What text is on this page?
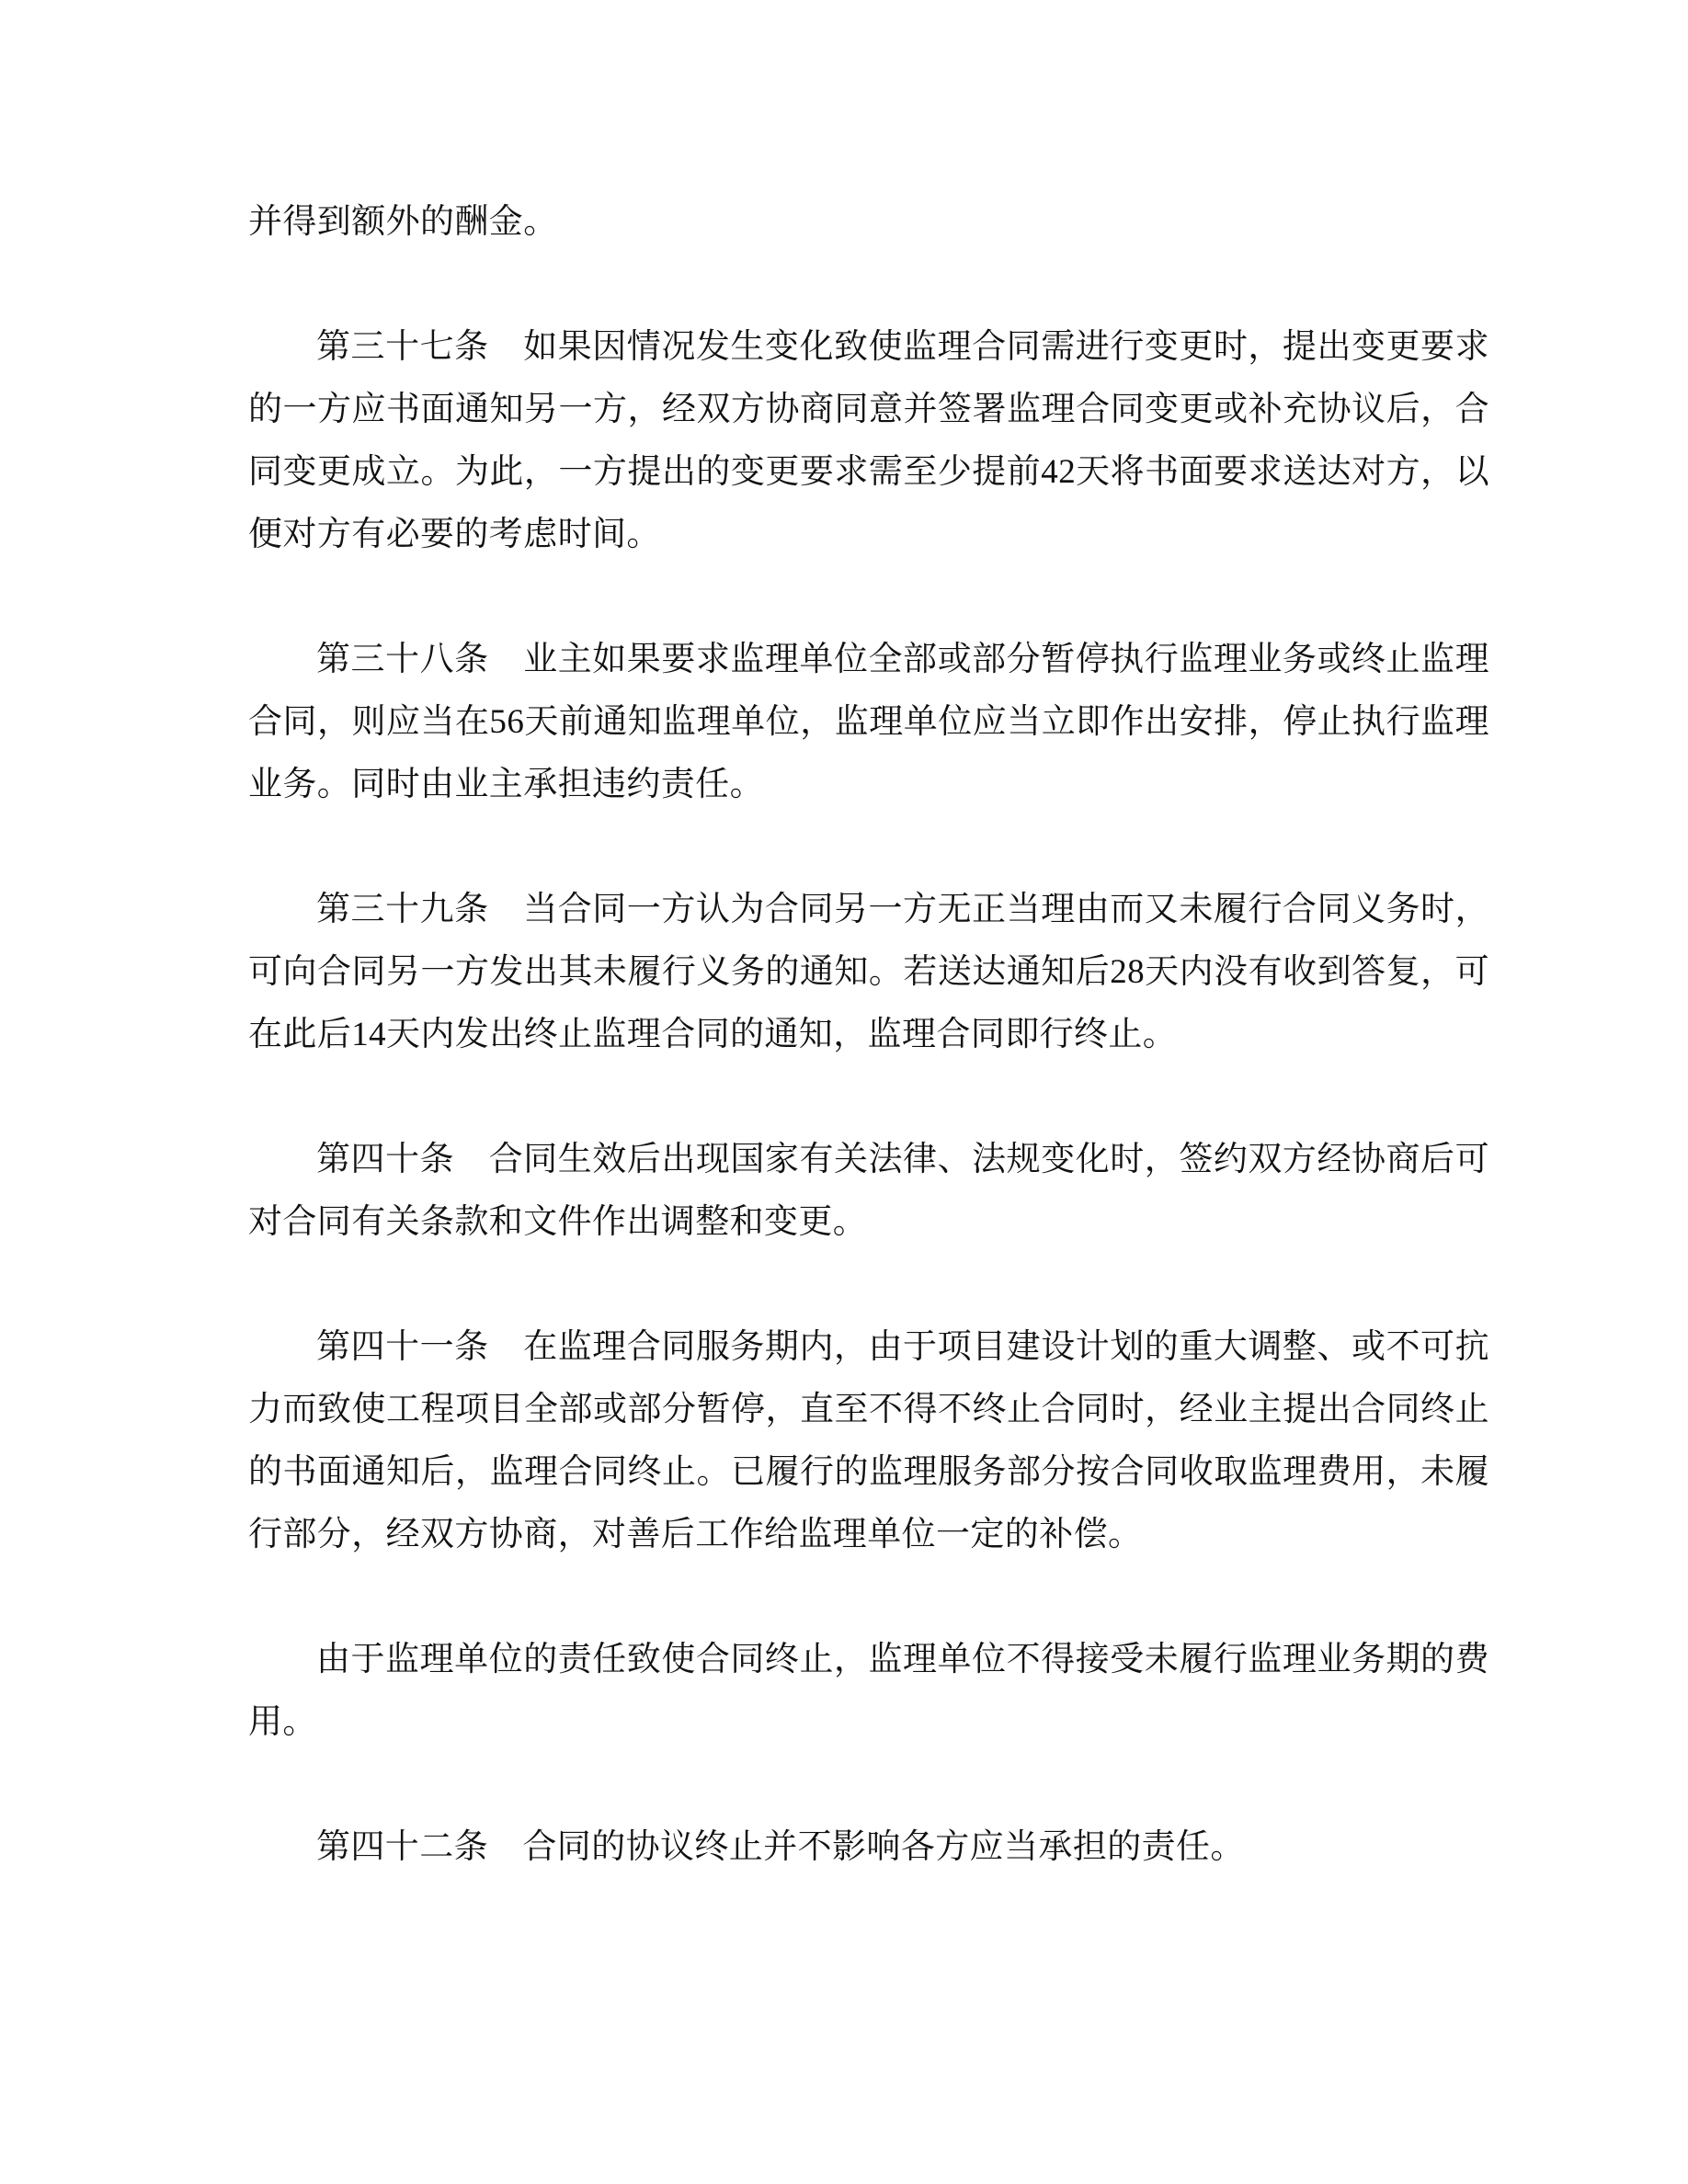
并得到额外的酬金。

第三十七条　如果因情况发生变化致使监理合同需进行变更时，提出变更要求的一方应书面通知另一方，经双方协商同意并签署监理合同变更或补充协议后，合同变更成立。为此，一方提出的变更要求需至少提前42天将书面要求送达对方，以便对方有必要的考虑时间。

第三十八条　业主如果要求监理单位全部或部分暂停执行监理业务或终止监理合同，则应当在56天前通知监理单位，监理单位应当立即作出安排，停止执行监理业务。同时由业主承担违约责任。

第三十九条　当合同一方认为合同另一方无正当理由而又未履行合同义务时，可向合同另一方发出其未履行义务的通知。若送达通知后28天内没有收到答复，可在此后14天内发出终止监理合同的通知，监理合同即行终止。

第四十条　合同生效后出现国家有关法律、法规变化时，签约双方经协商后可对合同有关条款和文件作出调整和变更。

第四十一条　在监理合同服务期内，由于项目建设计划的重大调整、或不可抗力而致使工程项目全部或部分暂停，直至不得不终止合同时，经业主提出合同终止的书面通知后，监理合同终止。已履行的监理服务部分按合同收取监理费用，未履行部分，经双方协商，对善后工作给监理单位一定的补偿。

由于监理单位的责任致使合同终止，监理单位不得接受未履行监理业务期的费用。

第四十二条　合同的协议终止并不影响各方应当承担的责任。
